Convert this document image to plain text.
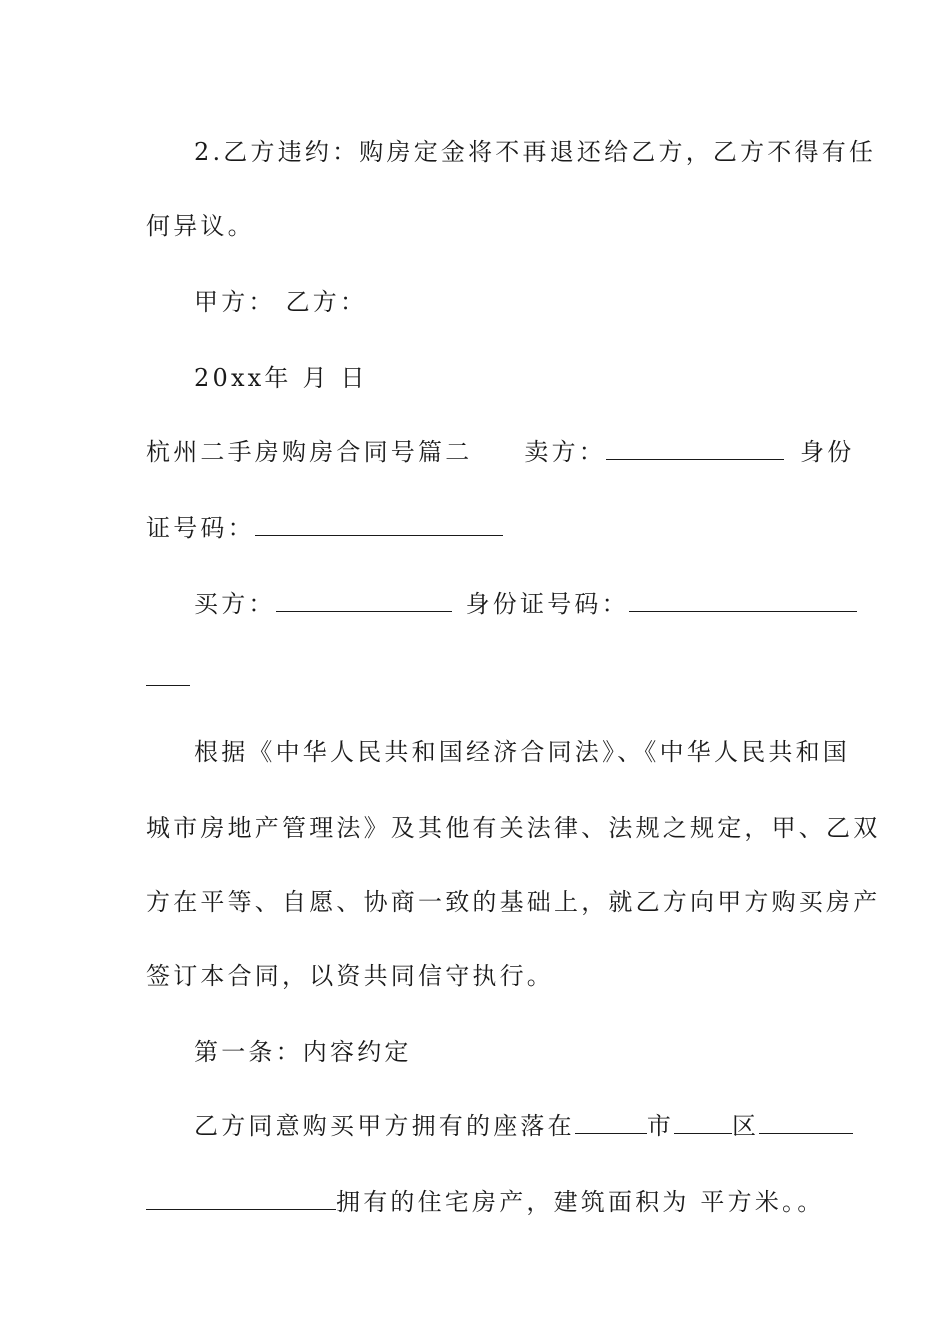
2.乙方违约：购房定金将不再退还给乙方，乙方不得有任
何异议。
甲方： 乙方：
20xx年 月 日
杭州二手房购房合同号篇二 卖方：	身份
证号码：
买方：	身份证号码：
根据《中华人民共和国经济合同法》、《中华人民共和国
城市房地产管理法》及其他有关法律、法规之规定，甲、乙双
方在平等、自愿、协商一致的基础上，就乙方向甲方购买房产
签订本合同，以资共同信守执行。
第一条：内容约定
乙方同意购买甲方拥有的座落在	市 区
拥有的住宅房产，建筑面积为 平方米。。
